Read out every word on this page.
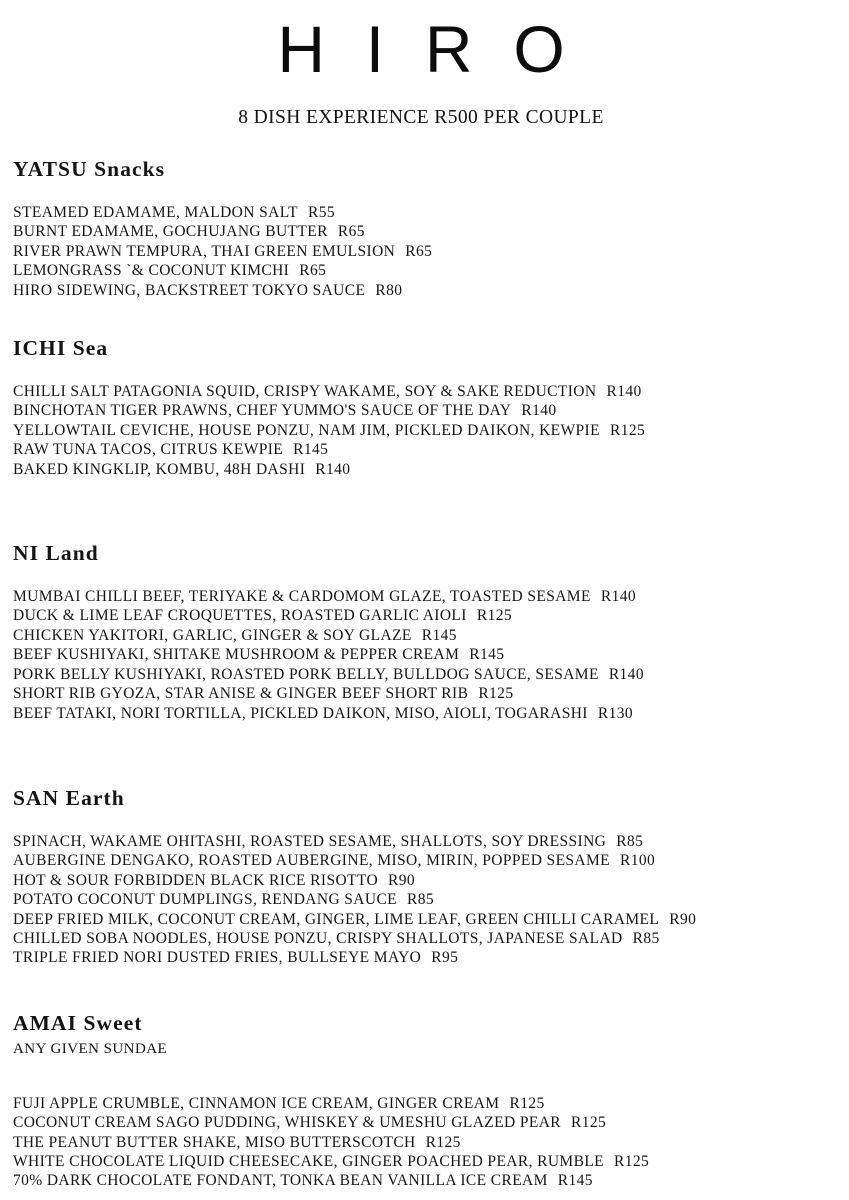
H I R O

8 DISH EXPERIENCE R500 PER COUPLE

YATSU Snacks
STEAMED EDAMAME, MALDON SALT R55
BURNT EDAMAME, GOCHUJANG BUTTER R65
RIVER PRAWN TEMPURA, THAI GREEN EMULSION R65
LEMONGRASS `& COCONUT KIMCHI R65
HIRO SIDEWING, BACKSTREET TOKYO SAUCE R80
ICHI Sea
CHILLI SALT PATAGONIA SQUID, CRISPY WAKAME, SOY & SAKE REDUCTION R140
BINCHOTAN TIGER PRAWNS, CHEF YUMMO'S SAUCE OF THE DAY R140
YELLOWTAIL CEVICHE, HOUSE PONZU, NAM JIM, PICKLED DAIKON, KEWPIE R125
RAW TUNA TACOS, CITRUS KEWPIE R145
BAKED KINGKLIP, KOMBU, 48H DASHI R140
NI Land
MUMBAI CHILLI BEEF, TERIYAKE & CARDOMOM GLAZE, TOASTED SESAME R140
DUCK & LIME LEAF CROQUETTES, ROASTED GARLIC AIOLI R125
CHICKEN YAKITORI, GARLIC, GINGER & SOY GLAZE R145
BEEF KUSHIYAKI, SHITAKE MUSHROOM & PEPPER CREAM R145
PORK BELLY KUSHIYAKI, ROASTED PORK BELLY, BULLDOG SAUCE, SESAME R140
SHORT RIB GYOZA, STAR ANISE & GINGER BEEF SHORT RIB R125
BEEF TATAKI, NORI TORTILLA, PICKLED DAIKON, MISO, AIOLI, TOGARASHI R130
SAN Earth
SPINACH, WAKAME OHITASHI, ROASTED SESAME, SHALLOTS, SOY DRESSING R85
AUBERGINE DENGAKO, ROASTED AUBERGINE, MISO, MIRIN, POPPED SESAME R100
HOT & SOUR FORBIDDEN BLACK RICE RISOTTO R90
POTATO COCONUT DUMPLINGS, RENDANG SAUCE R85
DEEP FRIED MILK, COCONUT CREAM, GINGER, LIME LEAF, GREEN CHILLI CARAMEL R90
CHILLED SOBA NOODLES, HOUSE PONZU, CRISPY SHALLOTS, JAPANESE SALAD R85
TRIPLE FRIED NORI DUSTED FRIES, BULLSEYE MAYO R95
AMAI Sweet

ANY GIVEN SUNDAE

FUJI APPLE CRUMBLE, CINNAMON ICE CREAM, GINGER CREAM R125
COCONUT CREAM SAGO PUDDING, WHISKEY & UMESHU GLAZED PEAR R125
THE PEANUT BUTTER SHAKE, MISO BUTTERSCOTCH R125
WHITE CHOCOLATE LIQUID CHEESECAKE, GINGER POACHED PEAR, RUMBLE R125
70% DARK CHOCOLATE FONDANT, TONKA BEAN VANILLA ICE CREAM R145
